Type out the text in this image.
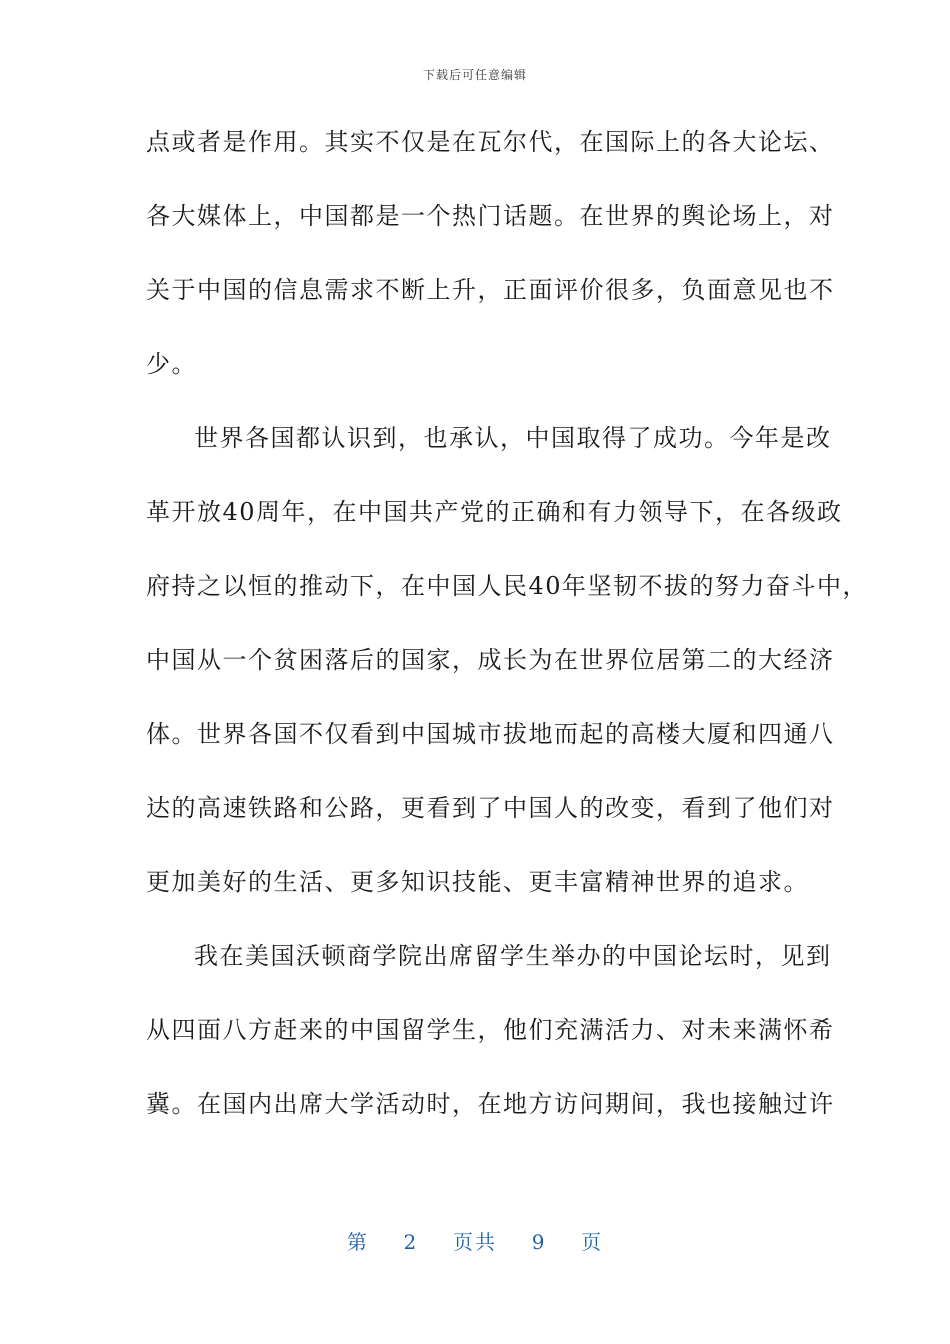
下载后可任意编辑
点或者是作用。其实不仅是在瓦尔代，在国际上的各大论坛、
各大媒体上，中国都是一个热门话题。在世界的舆论场上，对
关于中国的信息需求不断上升，正面评价很多，负面意见也不
少。
世界各国都认识到，也承认，中国取得了成功。今年是改
革开放40周年，在中国共产党的正确和有力领导下，在各级政
府持之以恒的推动下，在中国人民40年坚韧不拔的努力奋斗中，
中国从一个贫困落后的国家，成长为在世界位居第二的大经济
体。世界各国不仅看到中国城市拔地而起的高楼大厦和四通八
达的高速铁路和公路，更看到了中国人的改变，看到了他们对
更加美好的生活、更多知识技能、更丰富精神世界的追求。
我在美国沃顿商学院出席留学生举办的中国论坛时，见到
从四面八方赶来的中国留学生，他们充满活力、对未来满怀希
冀。在国内出席大学活动时，在地方访问期间，我也接触过许
第 2 页共 9 页
